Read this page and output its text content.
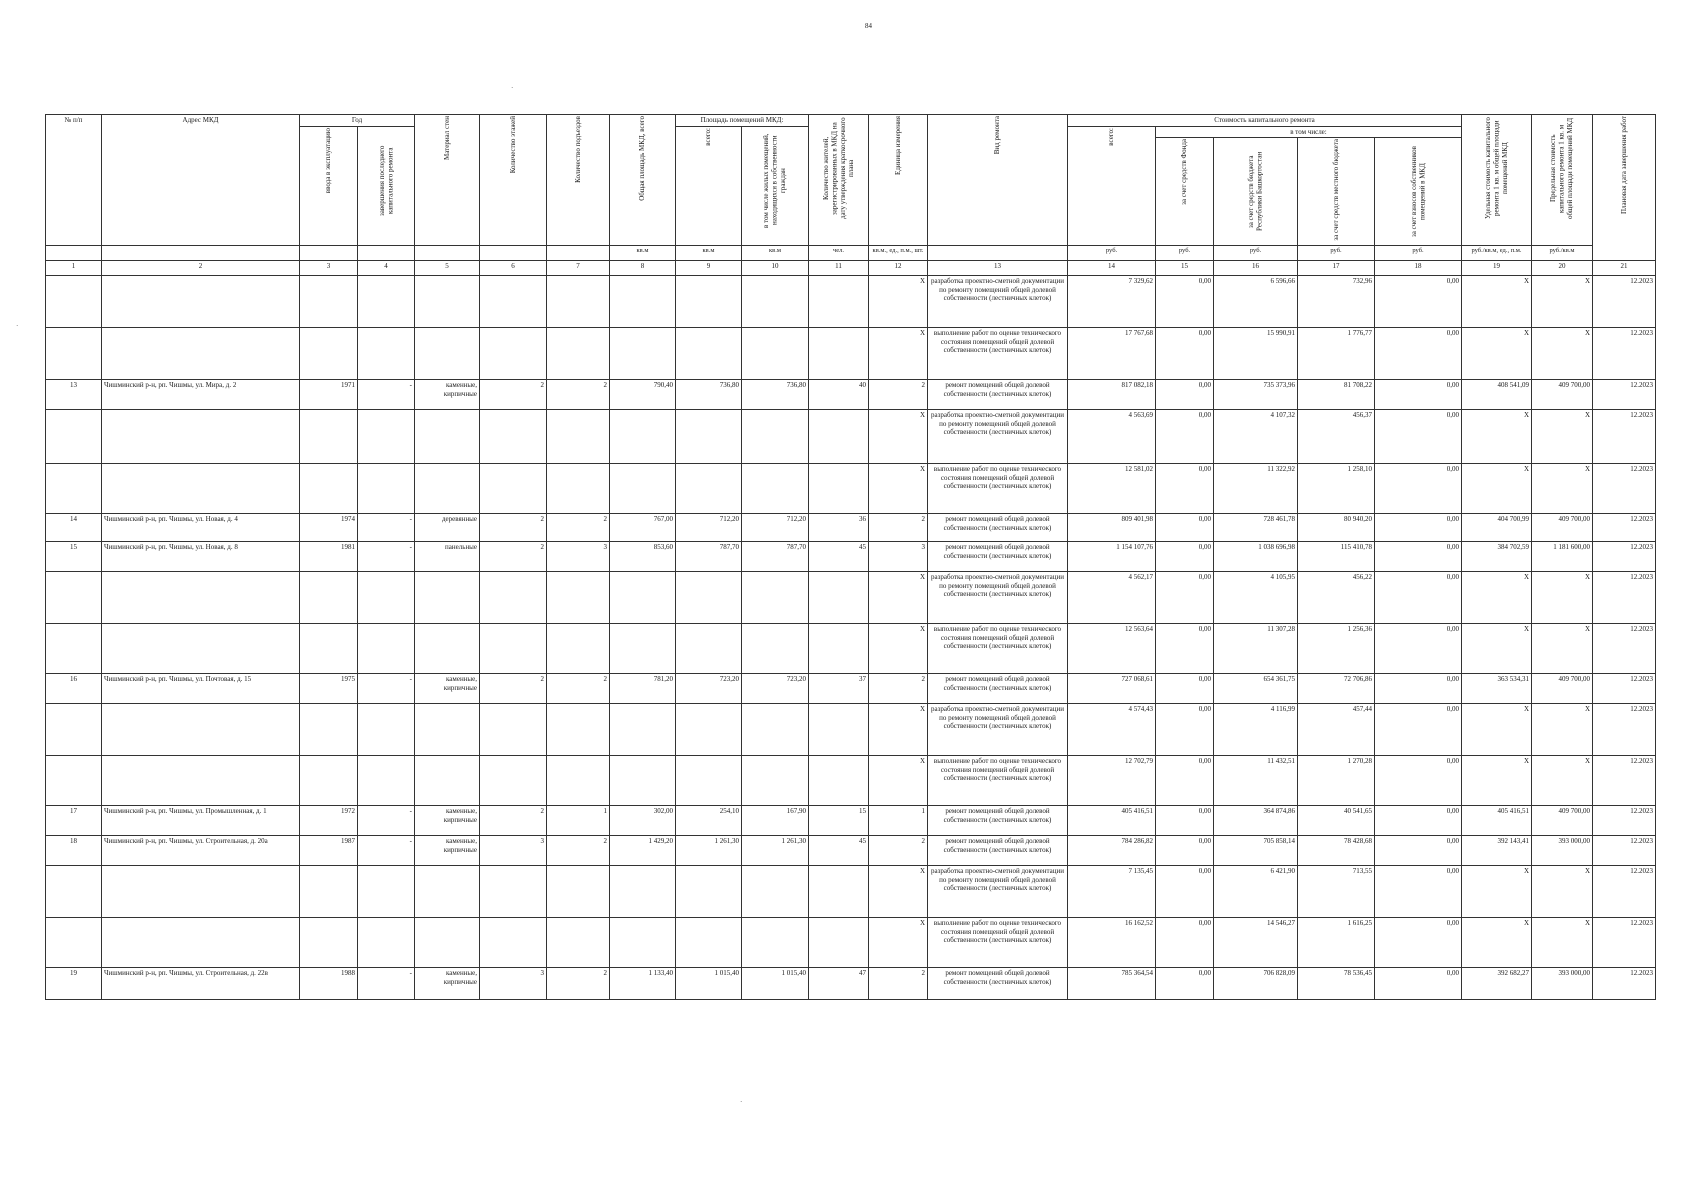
84
·
·
·
№ п/п	Адрес МКД	Год		Материал стен	Количество этажей	Количество подъездов	Общая площадь МКД, всего	Площадь помещений МКД:		Количество жителей, зарегистрированных в МКД на дату утверждения краткосрочного плана	Единица измерения	Вид ремонта	Стоимость капитального ремонта					Удельная стоимость капитального ремонта 1 кв. м общей площади помещений МКД	Предельная стоимость капитального ремонта 1 кв. м общей площади помещений МКД	Плановая дата завершения работ

		ввода в эксплуатацию	завершения последнего капитального ремонта					всего:	в том числе жилых помещений, находящихся в собственности граждан				всего:	в том числе:						

														за счет средств Фонда	за счет средств бюджета Республики Башкортостан	за счет средств местного бюджета	за счет взносов собственников помещений в МКД			

							кв.м	кв.м	кв.м	чел.	кв.м., ед., п.м., шт.		руб.	руб.	руб.	руб.	руб.	руб./кв.м, ед., п.м.	руб./кв.м	
1	2	3	4	5	6	7	8	9	10	11	12	13	14	15	16	17	18	19	20	21
											X	разработка проектно-сметной документации по ремонту помещений общей долевой собственности (лестничных клеток)	7 329,62	0,00	6 596,66	732,96	0,00	X	X	12.2023
											X	выполнение работ по оценке технического состояния помещений общей долевой собственности (лестничных клеток)	17 767,68	0,00	15 990,91	1 776,77	0,00	X	X	12.2023
13	Чишминский р-н, рп. Чишмы, ул. Мира, д. 2	1971	-	каменные, кирпичные	2	2	790,40	736,80	736,80	40	2	ремонт помещений общей долевой собственности (лестничных клеток)	817 082,18	0,00	735 373,96	81 708,22	0,00	408 541,09	409 700,00	12.2023
											X	разработка проектно-сметной документации по ремонту помещений общей долевой собственности (лестничных клеток)	4 563,69	0,00	4 107,32	456,37	0,00	X	X	12.2023
											X	выполнение работ по оценке технического состояния помещений общей долевой собственности (лестничных клеток)	12 581,02	0,00	11 322,92	1 258,10	0,00	X	X	12.2023
14	Чишминский р-н, рп. Чишмы, ул. Новая, д. 4	1974	-	деревянные	2	2	767,00	712,20	712,20	36	2	ремонт помещений общей долевой собственности (лестничных клеток)	809 401,98	0,00	728 461,78	80 940,20	0,00	404 700,99	409 700,00	12.2023
15	Чишминский р-н, рп. Чишмы, ул. Новая, д. 8	1981	-	панельные	2	3	853,60	787,70	787,70	45	3	ремонт помещений общей долевой собственности (лестничных клеток)	1 154 107,76	0,00	1 038 696,98	115 410,78	0,00	384 702,59	1 181 600,00	12.2023
											X	разработка проектно-сметной документации по ремонту помещений общей долевой собственности (лестничных клеток)	4 562,17	0,00	4 105,95	456,22	0,00	X	X	12.2023
											X	выполнение работ по оценке технического состояния помещений общей долевой собственности (лестничных клеток)	12 563,64	0,00	11 307,28	1 256,36	0,00	X	X	12.2023
16	Чишминский р-н, рп. Чишмы, ул. Почтовая, д. 15	1975	-	каменные, кирпичные	2	2	781,20	723,20	723,20	37	2	ремонт помещений общей долевой собственности (лестничных клеток)	727 068,61	0,00	654 361,75	72 706,86	0,00	363 534,31	409 700,00	12.2023
											X	разработка проектно-сметной документации по ремонту помещений общей долевой собственности (лестничных клеток)	4 574,43	0,00	4 116,99	457,44	0,00	X	X	12.2023
											X	выполнение работ по оценке технического состояния помещений общей долевой собственности (лестничных клеток)	12 702,79	0,00	11 432,51	1 270,28	0,00	X	X	12.2023
17	Чишминский р-н, рп. Чишмы, ул. Промышленная, д. 1	1972	-	каменные, кирпичные	2	1	302,00	254,10	167,90	15	1	ремонт помещений общей долевой собственности (лестничных клеток)	405 416,51	0,00	364 874,86	40 541,65	0,00	405 416,51	409 700,00	12.2023
18	Чишминский р-н, рп. Чишмы, ул. Строительная, д. 20а	1987	-	каменные, кирпичные	3	2	1 429,20	1 261,30	1 261,30	45	2	ремонт помещений общей долевой собственности (лестничных клеток)	784 286,82	0,00	705 858,14	78 428,68	0,00	392 143,41	393 000,00	12.2023
											X	разработка проектно-сметной документации по ремонту помещений общей долевой собственности (лестничных клеток)	7 135,45	0,00	6 421,90	713,55	0,00	X	X	12.2023
											X	выполнение работ по оценке технического состояния помещений общей долевой собственности (лестничных клеток)	16 162,52	0,00	14 546,27	1 616,25	0,00	X	X	12.2023
19	Чишминский р-н, рп. Чишмы, ул. Строительная, д. 22в	1988	-	каменные, кирпичные	3	2	1 133,40	1 015,40	1 015,40	47	2	ремонт помещений общей долевой собственности (лестничных клеток)	785 364,54	0,00	706 828,09	78 536,45	0,00	392 682,27	393 000,00	12.2023
